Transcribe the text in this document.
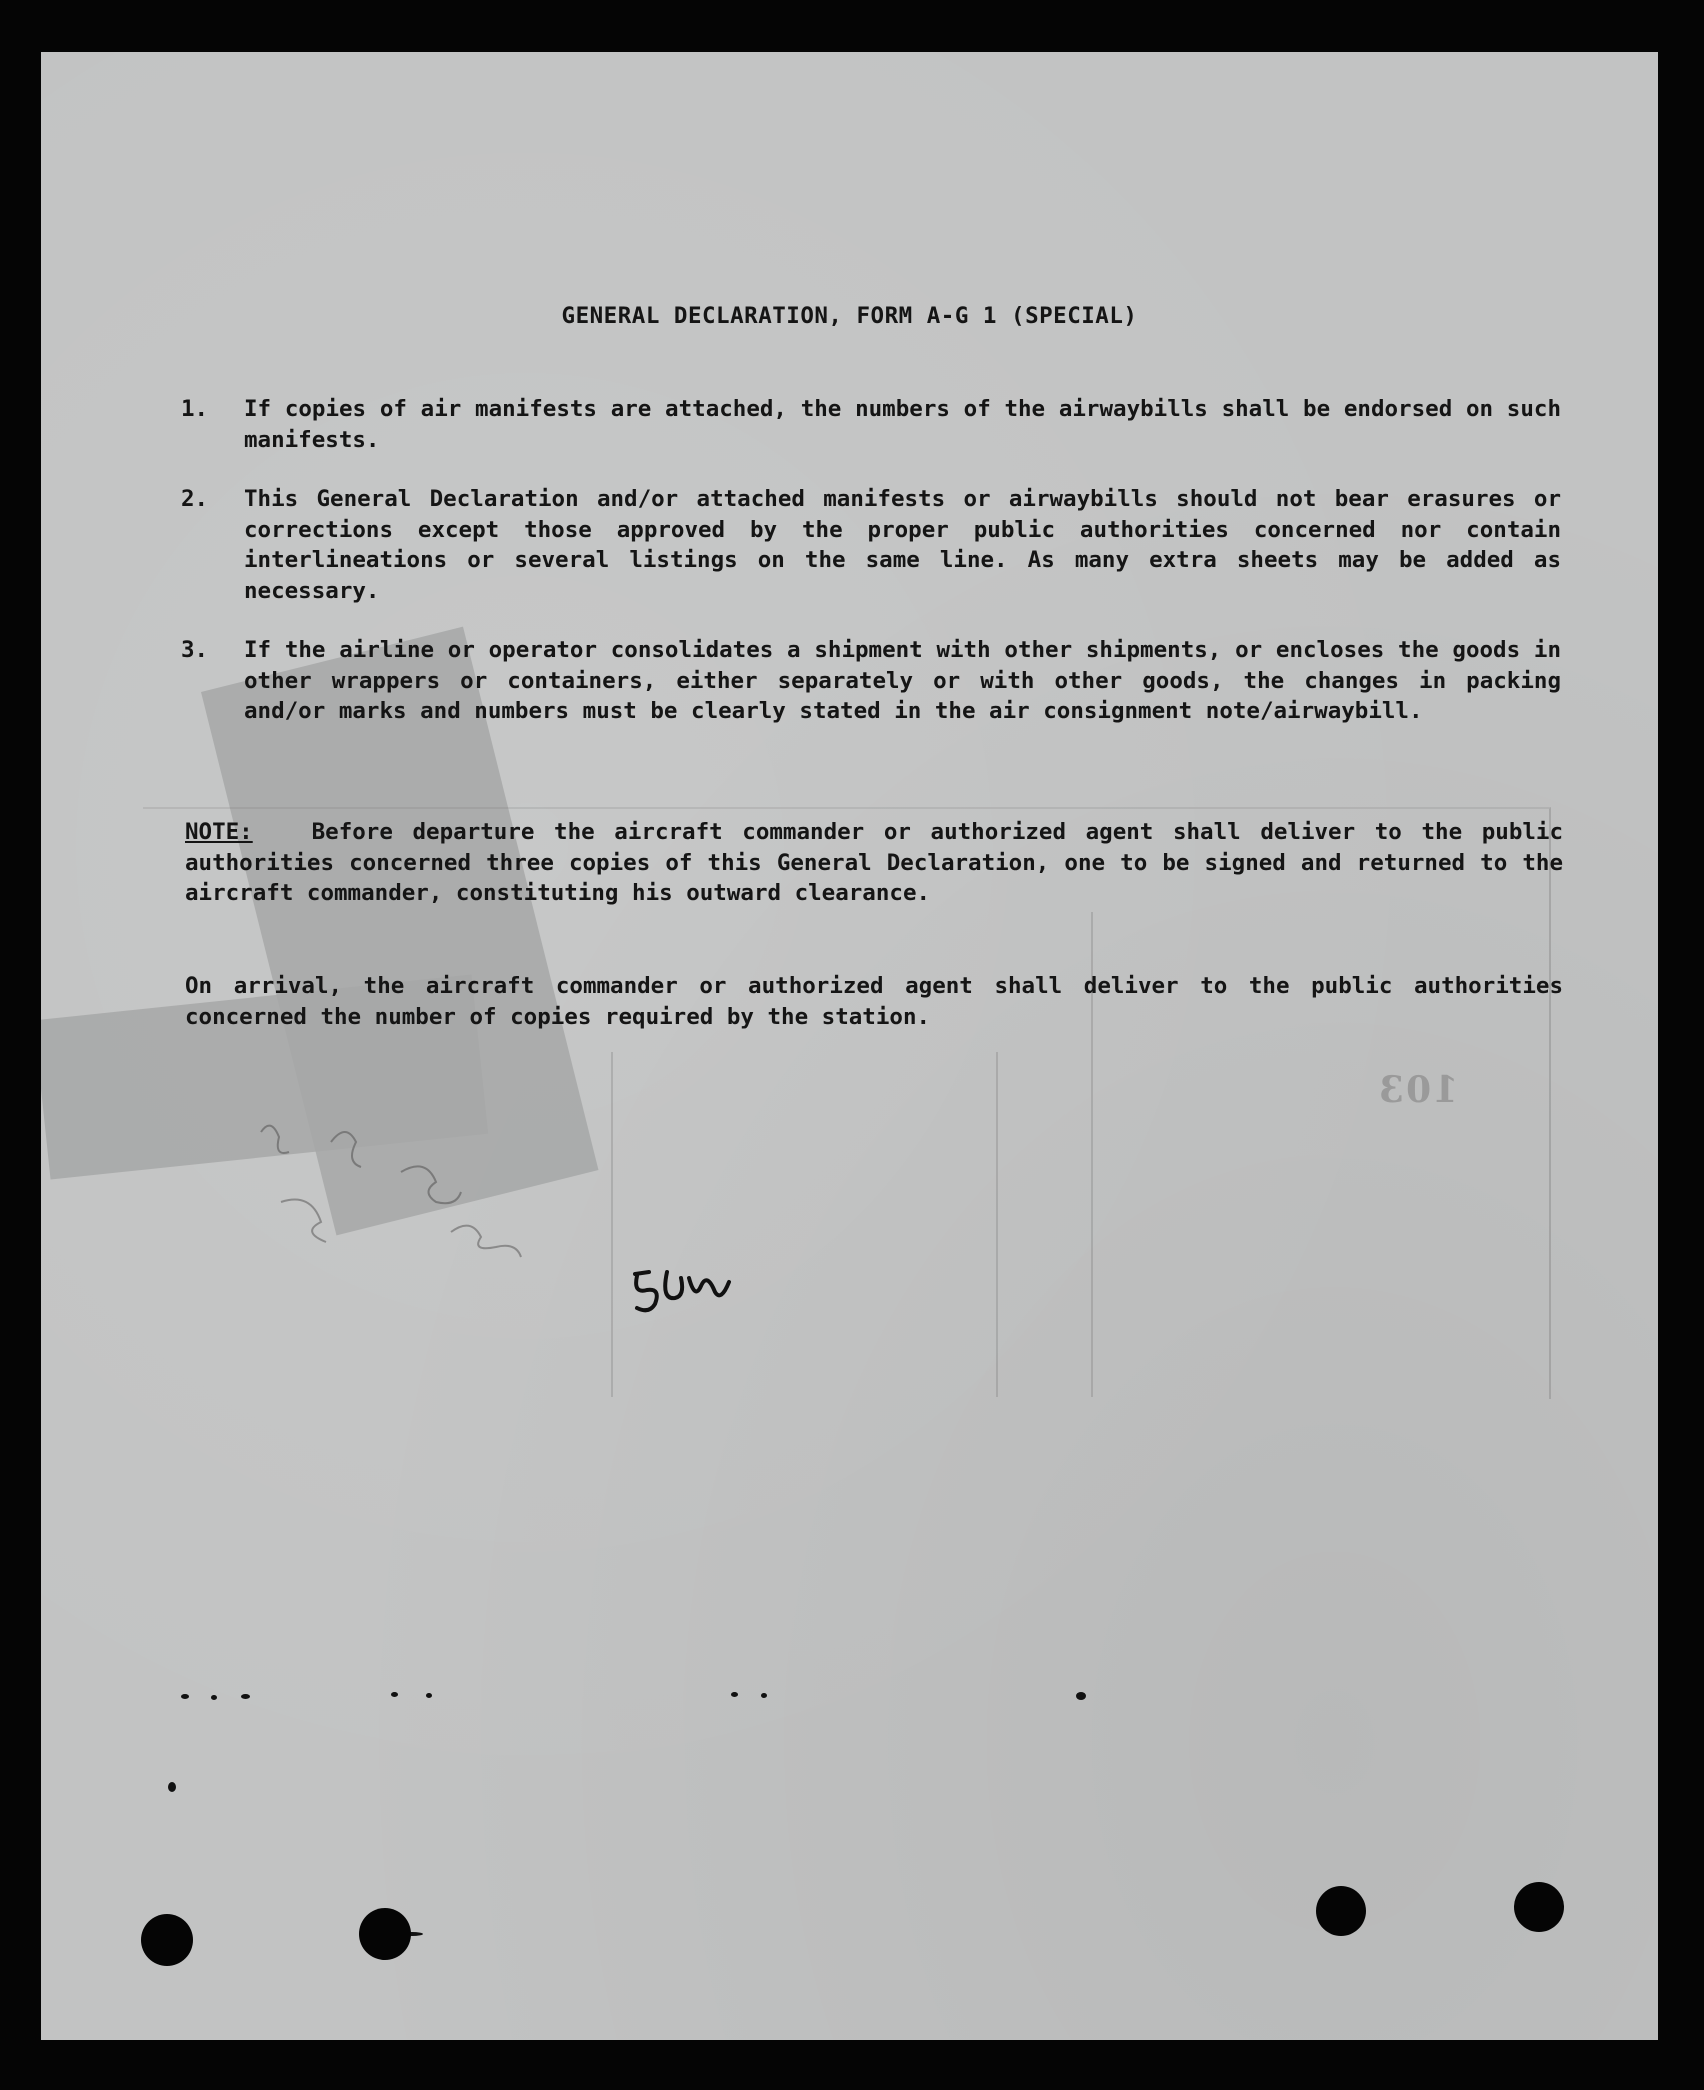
GENERAL DECLARATION, FORM A-G 1 (SPECIAL)
1.	If copies of air manifests are attached, the numbers of the airwaybills shall be endorsed on such manifests.
2.	This General Declaration and/or attached manifests or airwaybills should not bear erasures or corrections except those approved by the proper public authorities concerned nor contain interlineations or several listings on the same line. As many extra sheets may be added as necessary.
3.	If the airline or operator consolidates a shipment with other shipments, or encloses the goods in other wrappers or containers, either separately or with other goods, the changes in packing and/or marks and numbers must be clearly stated in the air consignment note/airwaybill.
NOTE:	Before departure the aircraft commander or authorized agent shall deliver to the public authorities concerned three copies of this General Declaration, one to be signed and returned to the aircraft commander, constituting his outward clearance.
On arrival, the aircraft commander or authorized agent shall deliver to the public authorities concerned the number of copies required by the station.
103
